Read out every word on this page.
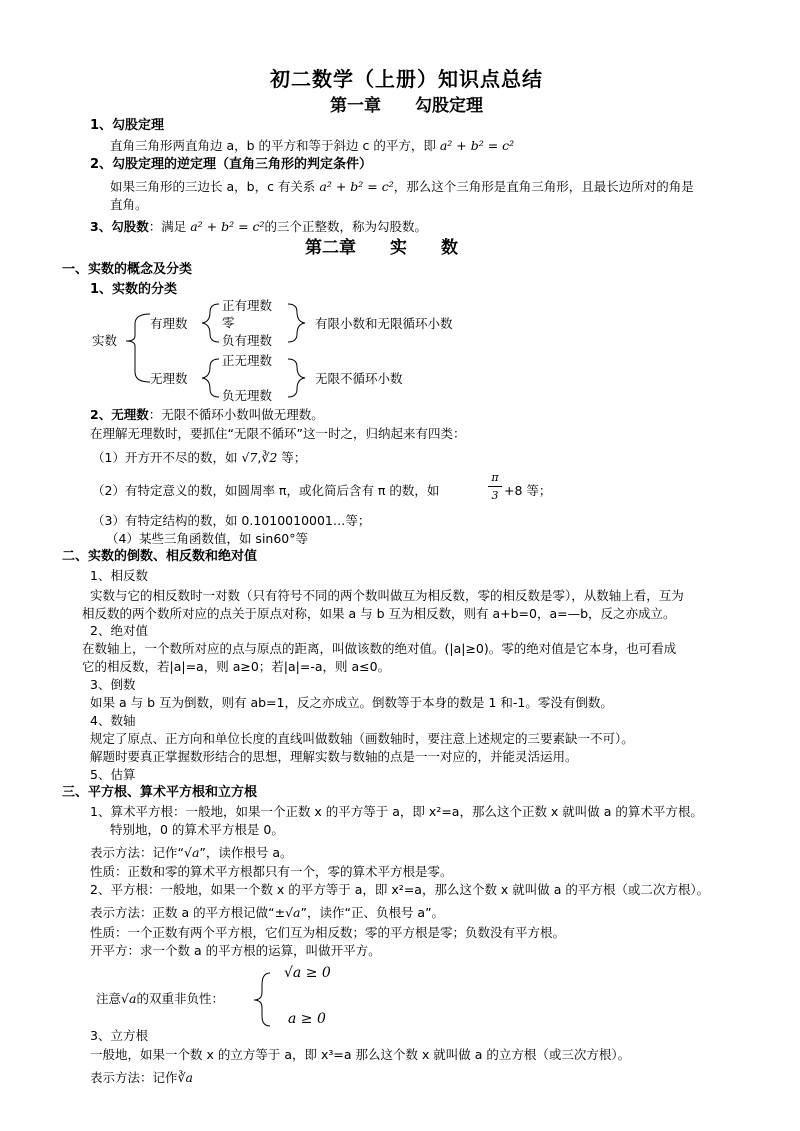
初二数学（上册）知识点总结
第一章　　勾股定理
1、勾股定理
直角三角形两直角边 a，b 的平方和等于斜边 c 的平方，即 a² + b² = c²
2、勾股定理的逆定理（直角三角形的判定条件）
如果三角形的三边长 a，b，c 有关系 a² + b² = c²，那么这个三角形是直角三角形，且最长边所对的角是
直角。
3、勾股数：满足 a² + b² = c²的三个正整数，称为勾股数。
第二章　　实　　数
一、实数的概念及分类
1、实数的分类
实数
有理数
正有理数
零
负有理数
有限小数和无限循环小数
无理数
正无理数
负无理数
无限不循环小数
2、无理数：无限不循环小数叫做无理数。
在理解无理数时，要抓住“无限不循环”这一时之，归纳起来有四类：
（1）开方开不尽的数，如 √7,∛2 等；
（2）有特定意义的数，如圆周率 π，或化简后含有 π 的数，如
π
3 +8 等；
（3）有特定结构的数，如 0.1010010001…等；
（4）某些三角函数值，如 sin60°等
二、实数的倒数、相反数和绝对值
1、相反数
实数与它的相反数时一对数（只有符号不同的两个数叫做互为相反数，零的相反数是零），从数轴上看，互为
相反数的两个数所对应的点关于原点对称，如果 a 与 b 互为相反数，则有 a+b=0，a=—b，反之亦成立。
2、绝对值
在数轴上，一个数所对应的点与原点的距离，叫做该数的绝对值。(|a|≥0)。零的绝对值是它本身，也可看成
它的相反数，若|a|=a，则 a≥0；若|a|=-a，则 a≤0。
3、倒数
如果 a 与 b 互为倒数，则有 ab=1，反之亦成立。倒数等于本身的数是 1 和-1。零没有倒数。
4、数轴
规定了原点、正方向和单位长度的直线叫做数轴（画数轴时，要注意上述规定的三要素缺一不可）。
解题时要真正掌握数形结合的思想，理解实数与数轴的点是一一对应的，并能灵活运用。
5、估算
三、平方根、算术平方根和立方根
1、算术平方根：一般地，如果一个正数 x 的平方等于 a，即 x²=a，那么这个正数 x 就叫做 a 的算术平方根。
特别地，0 的算术平方根是 0。
表示方法：记作“√a”，读作根号 a。
性质：正数和零的算术平方根都只有一个，零的算术平方根是零。
2、平方根：一般地，如果一个数 x 的平方等于 a，即 x²=a，那么这个数 x 就叫做 a 的平方根（或二次方根）。
表示方法：正数 a 的平方根记做“±√a”，读作“正、负根号 a”。
性质：一个正数有两个平方根，它们互为相反数；零的平方根是零；负数没有平方根。
开平方：求一个数 a 的平方根的运算，叫做开平方。
√a ≥ 0
注意√a的双重非负性：
a ≥ 0
3、立方根
一般地，如果一个数 x 的立方等于 a，即 x³=a 那么这个数 x 就叫做 a 的立方根（或三次方根）。
表示方法：记作∛a
